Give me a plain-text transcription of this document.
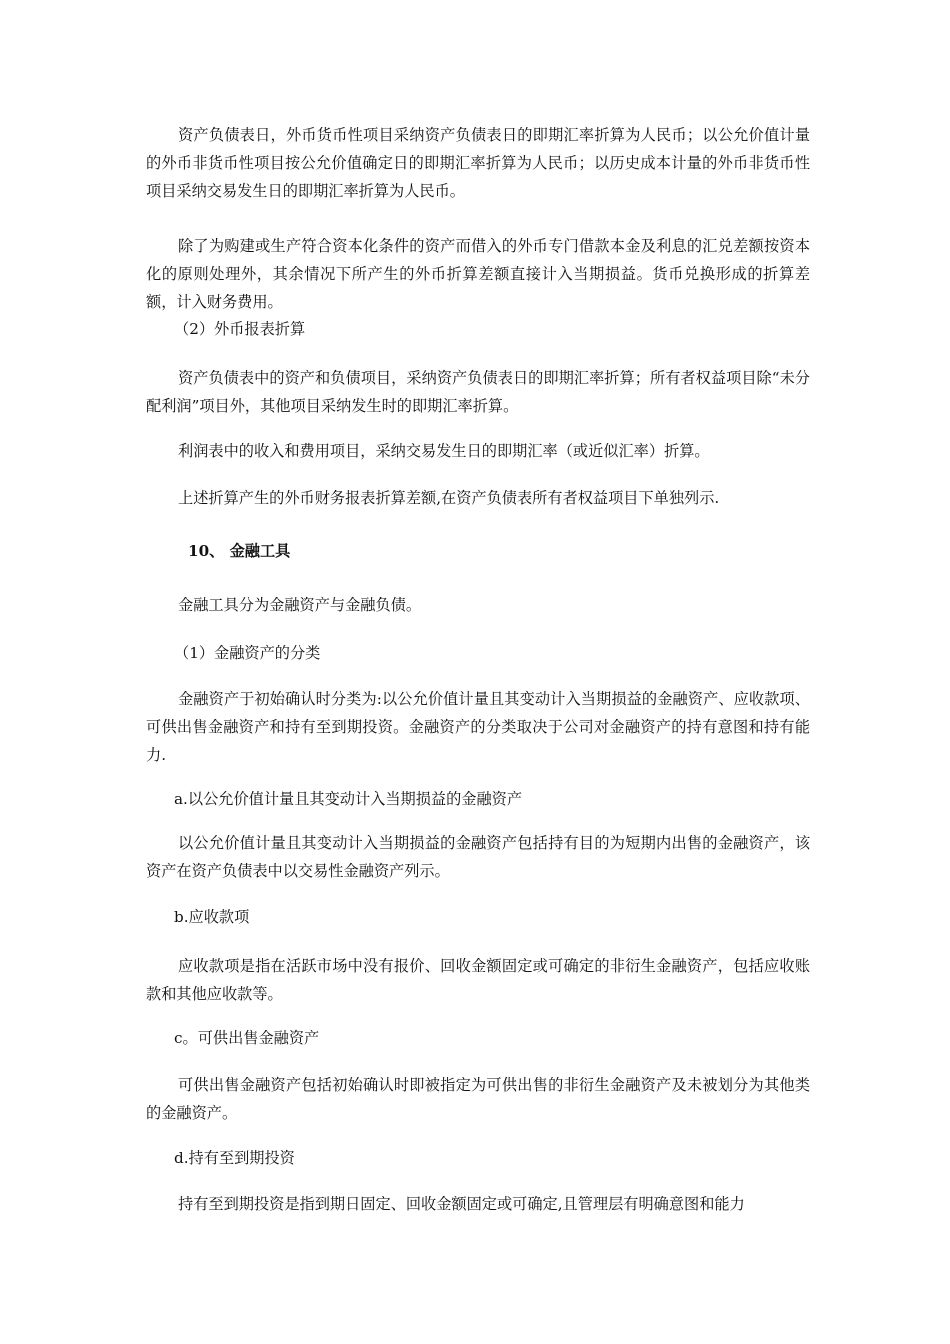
资产负债表日，外币货币性项目采纳资产负债表日的即期汇率折算为人民币；以公允价值计量的外币非货币性项目按公允价值确定日的即期汇率折算为人民币；以历史成本计量的外币非货币性项目采纳交易发生日的即期汇率折算为人民币。

除了为购建或生产符合资本化条件的资产而借入的外币专门借款本金及利息的汇兑差额按资本化的原则处理外，其余情况下所产生的外币折算差额直接计入当期损益。货币兑换形成的折算差额，计入财务费用。

（2）外币报表折算

资产负债表中的资产和负债项目，采纳资产负债表日的即期汇率折算；所有者权益项目除“未分配利润”项目外，其他项目采纳发生时的即期汇率折算。

利润表中的收入和费用项目，采纳交易发生日的即期汇率（或近似汇率）折算。

上述折算产生的外币财务报表折算差额,在资产负债表所有者权益项目下单独列示.

10、 金融工具

金融工具分为金融资产与金融负债。

（1）金融资产的分类

金融资产于初始确认时分类为:以公允价值计量且其变动计入当期损益的金融资产、应收款项、可供出售金融资产和持有至到期投资。金融资产的分类取决于公司对金融资产的持有意图和持有能力.

a.以公允价值计量且其变动计入当期损益的金融资产

以公允价值计量且其变动计入当期损益的金融资产包括持有目的为短期内出售的金融资产，该资产在资产负债表中以交易性金融资产列示。

b.应收款项

应收款项是指在活跃市场中没有报价、回收金额固定或可确定的非衍生金融资产，包括应收账款和其他应收款等。

c。可供出售金融资产

可供出售金融资产包括初始确认时即被指定为可供出售的非衍生金融资产及未被划分为其他类的金融资产。

d.持有至到期投资

持有至到期投资是指到期日固定、回收金额固定或可确定,且管理层有明确意图和能力
